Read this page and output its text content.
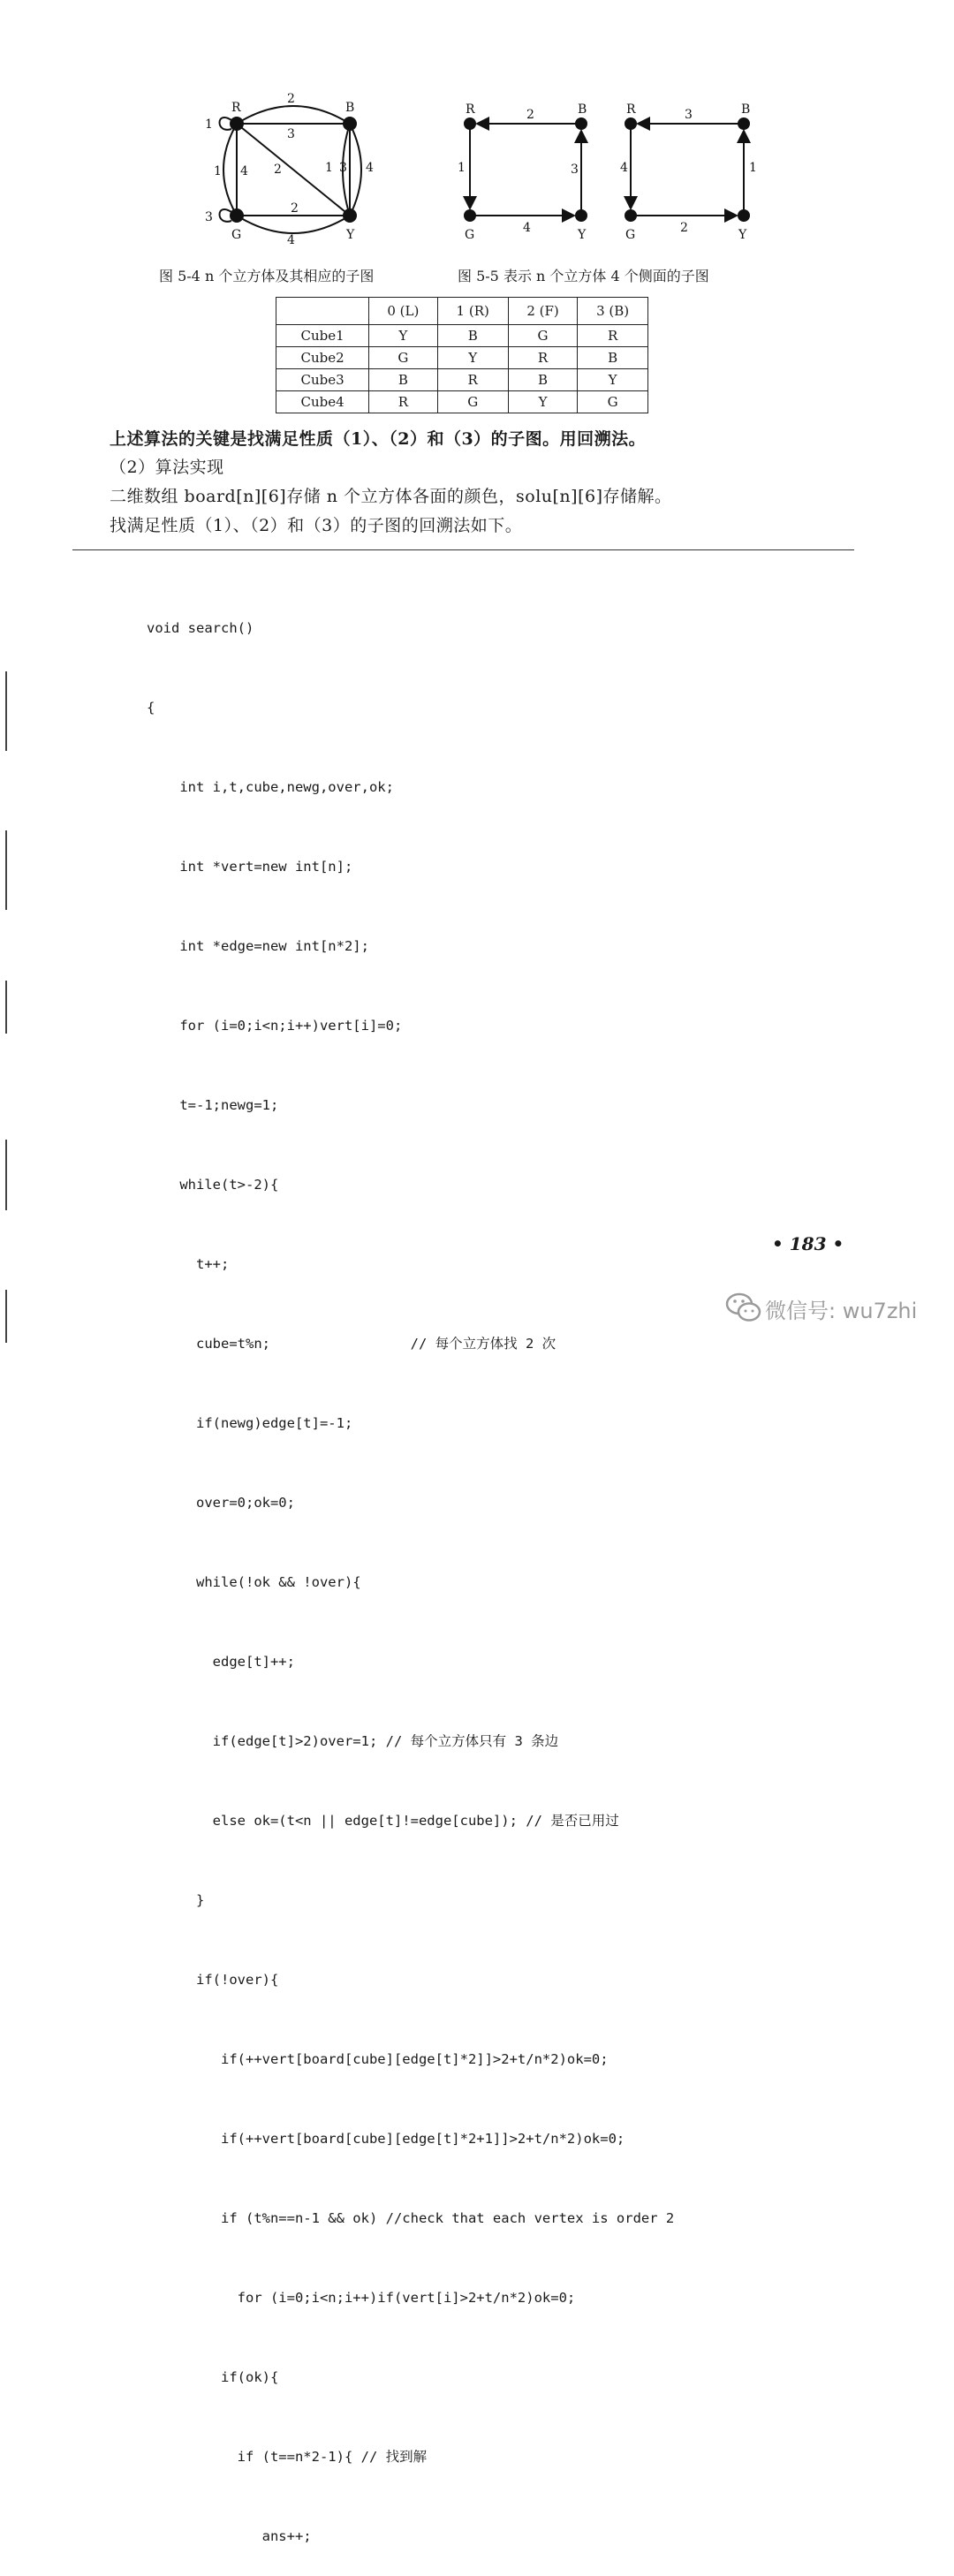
R	B
G	Y
2
3
1
3
1 4 2	1 3 4
2
4
R	B
G	Y
2
1	3
4
R	B
G	Y
3
4	1
2
图 5-4 n 个立方体及其相应的子图	图 5-5 表示 n 个立方体 4 个侧面的子图
	0 (L)	1 (R)	2 (F)	3 (B)
Cube1	Y	B	G	R
Cube2	G	Y	R	B
Cube3	B	R	B	Y
Cube4	R	G	Y	G
上述算法的关键是找满足性质（1）、（2）和（3）的子图。用回溯法。
（2）算法实现
二维数组 board[n][6]存储 n 个立方体各面的颜色，solu[n][6]存储解。
找满足性质（1）、（2）和（3）的子图的回溯法如下。

void search()

{

int i,t,cube,newg,over,ok;

int *vert=new int[n];

int *edge=new int[n*2];

for (i=0;i<n;i++)vert[i]=0;

t=-1;newg=1;

while(t>-2){

t++;

cube=t%n;                 // 每个立方体找 2 次

if(newg)edge[t]=-1;

over=0;ok=0;

while(!ok && !over){

edge[t]++;

if(edge[t]>2)over=1; // 每个立方体只有 3 条边

else ok=(t<n || edge[t]!=edge[cube]); // 是否已用过

}

if(!over){

if(++vert[board[cube][edge[t]*2]]>2+t/n*2)ok=0;

if(++vert[board[cube][edge[t]*2+1]]>2+t/n*2)ok=0;

if (t%n==n-1 && ok) //check that each vertex is order 2

for (i=0;i<n;i++)if(vert[i]>2+t/n*2)ok=0;

if(ok){

if (t==n*2-1){ // 找到解

ans++;

• 183 •
微信号: wu7zhi
